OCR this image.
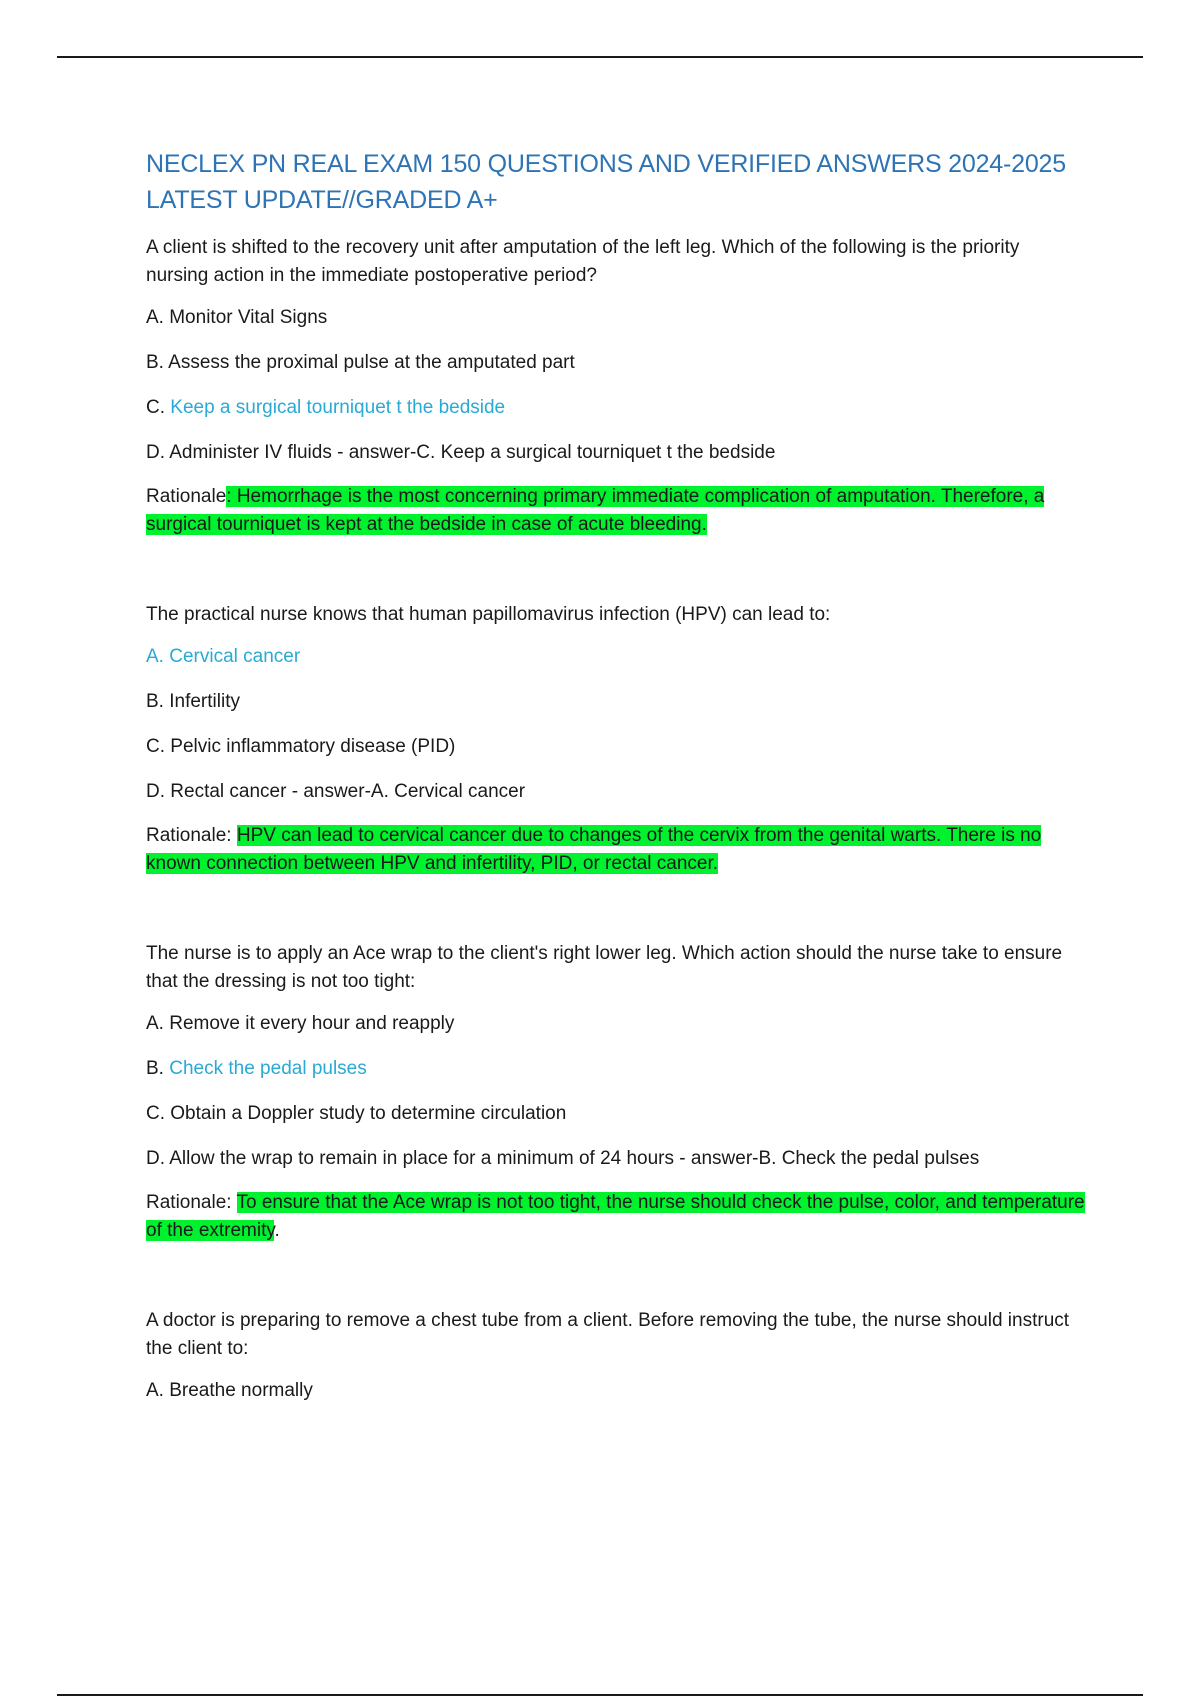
NECLEX PN REAL EXAM 150 QUESTIONS AND VERIFIED ANSWERS 2024-2025
LATEST UPDATE//GRADED A+

A client is shifted to the recovery unit after amputation of the left leg. Which of the following is the priority nursing action in the immediate postoperative period?

A. Monitor Vital Signs

B. Assess the proximal pulse at the amputated part

C. Keep a surgical tourniquet t the bedside

D. Administer IV fluids - answer-C. Keep a surgical tourniquet t the bedside

Rationale: Hemorrhage is the most concerning primary immediate complication of amputation. Therefore, a surgical tourniquet is kept at the bedside in case of acute bleeding.

The practical nurse knows that human papillomavirus infection (HPV) can lead to:

A. Cervical cancer

B. Infertility

C. Pelvic inflammatory disease (PID)

D. Rectal cancer - answer-A. Cervical cancer

Rationale: HPV can lead to cervical cancer due to changes of the cervix from the genital warts. There is no known connection between HPV and infertility, PID, or rectal cancer.

The nurse is to apply an Ace wrap to the client's right lower leg. Which action should the nurse take to ensure that the dressing is not too tight:

A. Remove it every hour and reapply

B. Check the pedal pulses

C. Obtain a Doppler study to determine circulation

D. Allow the wrap to remain in place for a minimum of 24 hours - answer-B. Check the pedal pulses

Rationale: To ensure that the Ace wrap is not too tight, the nurse should check the pulse, color, and temperature of the extremity.

A doctor is preparing to remove a chest tube from a client. Before removing the tube, the nurse should instruct the client to:

A. Breathe normally
